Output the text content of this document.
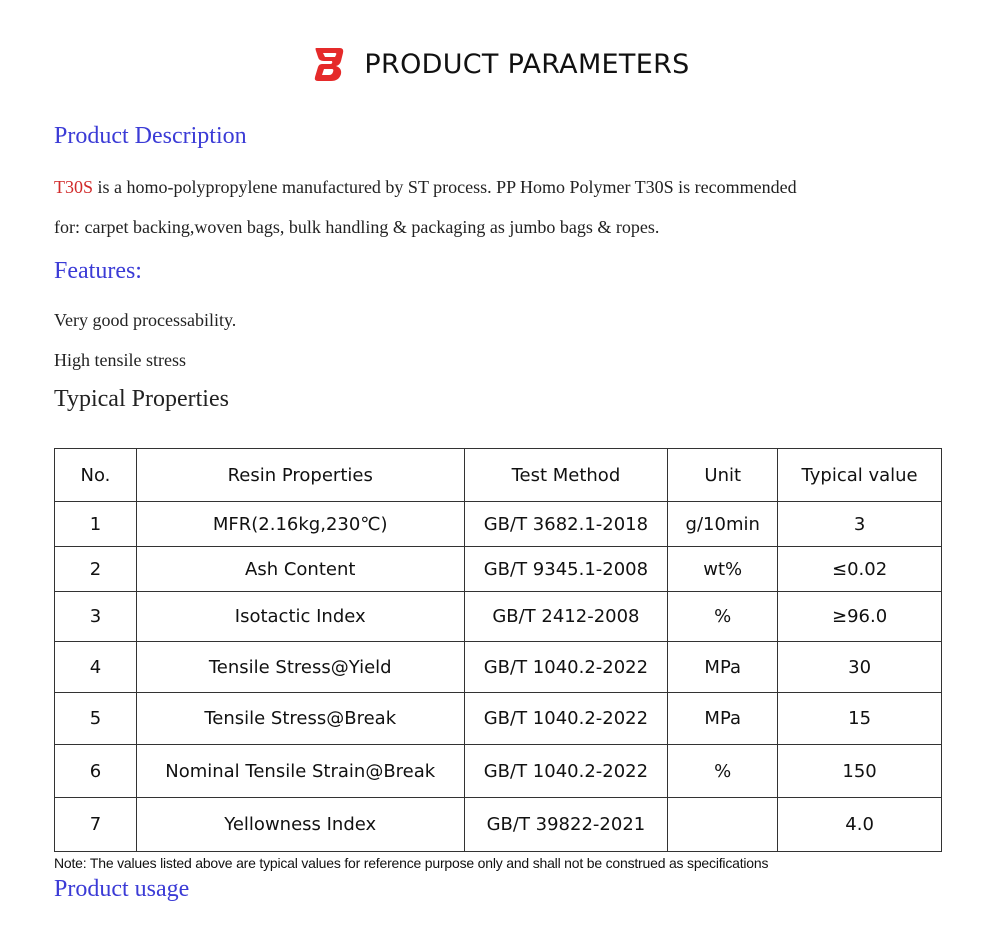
PRODUCT PARAMETERS
Product Description
T30S is a homo-polypropylene manufactured by ST process. PP Homo Polymer T30S is recommended
for: carpet backing,woven bags, bulk handling & packaging as jumbo bags & ropes.
Features:
Very good processability.
High tensile stress
Typical Properties
No.	Resin Properties	Test Method	Unit	Typical value
1	MFR(2.16kg,230℃)	GB/T 3682.1-2018	g/10min	3
2	Ash Content	GB/T 9345.1-2008	wt%	≤0.02
3	Isotactic Index	GB/T 2412-2008	%	≥96.0
4	Tensile Stress@Yield	GB/T 1040.2-2022	MPa	30
5	Tensile Stress@Break	GB/T 1040.2-2022	MPa	15
6	Nominal Tensile Strain@Break	GB/T 1040.2-2022	%	150
7	Yellowness Index	GB/T 39822-2021		4.0
Note: The values listed above are typical values for reference purpose only and shall not be construed as specifications
Product usage
